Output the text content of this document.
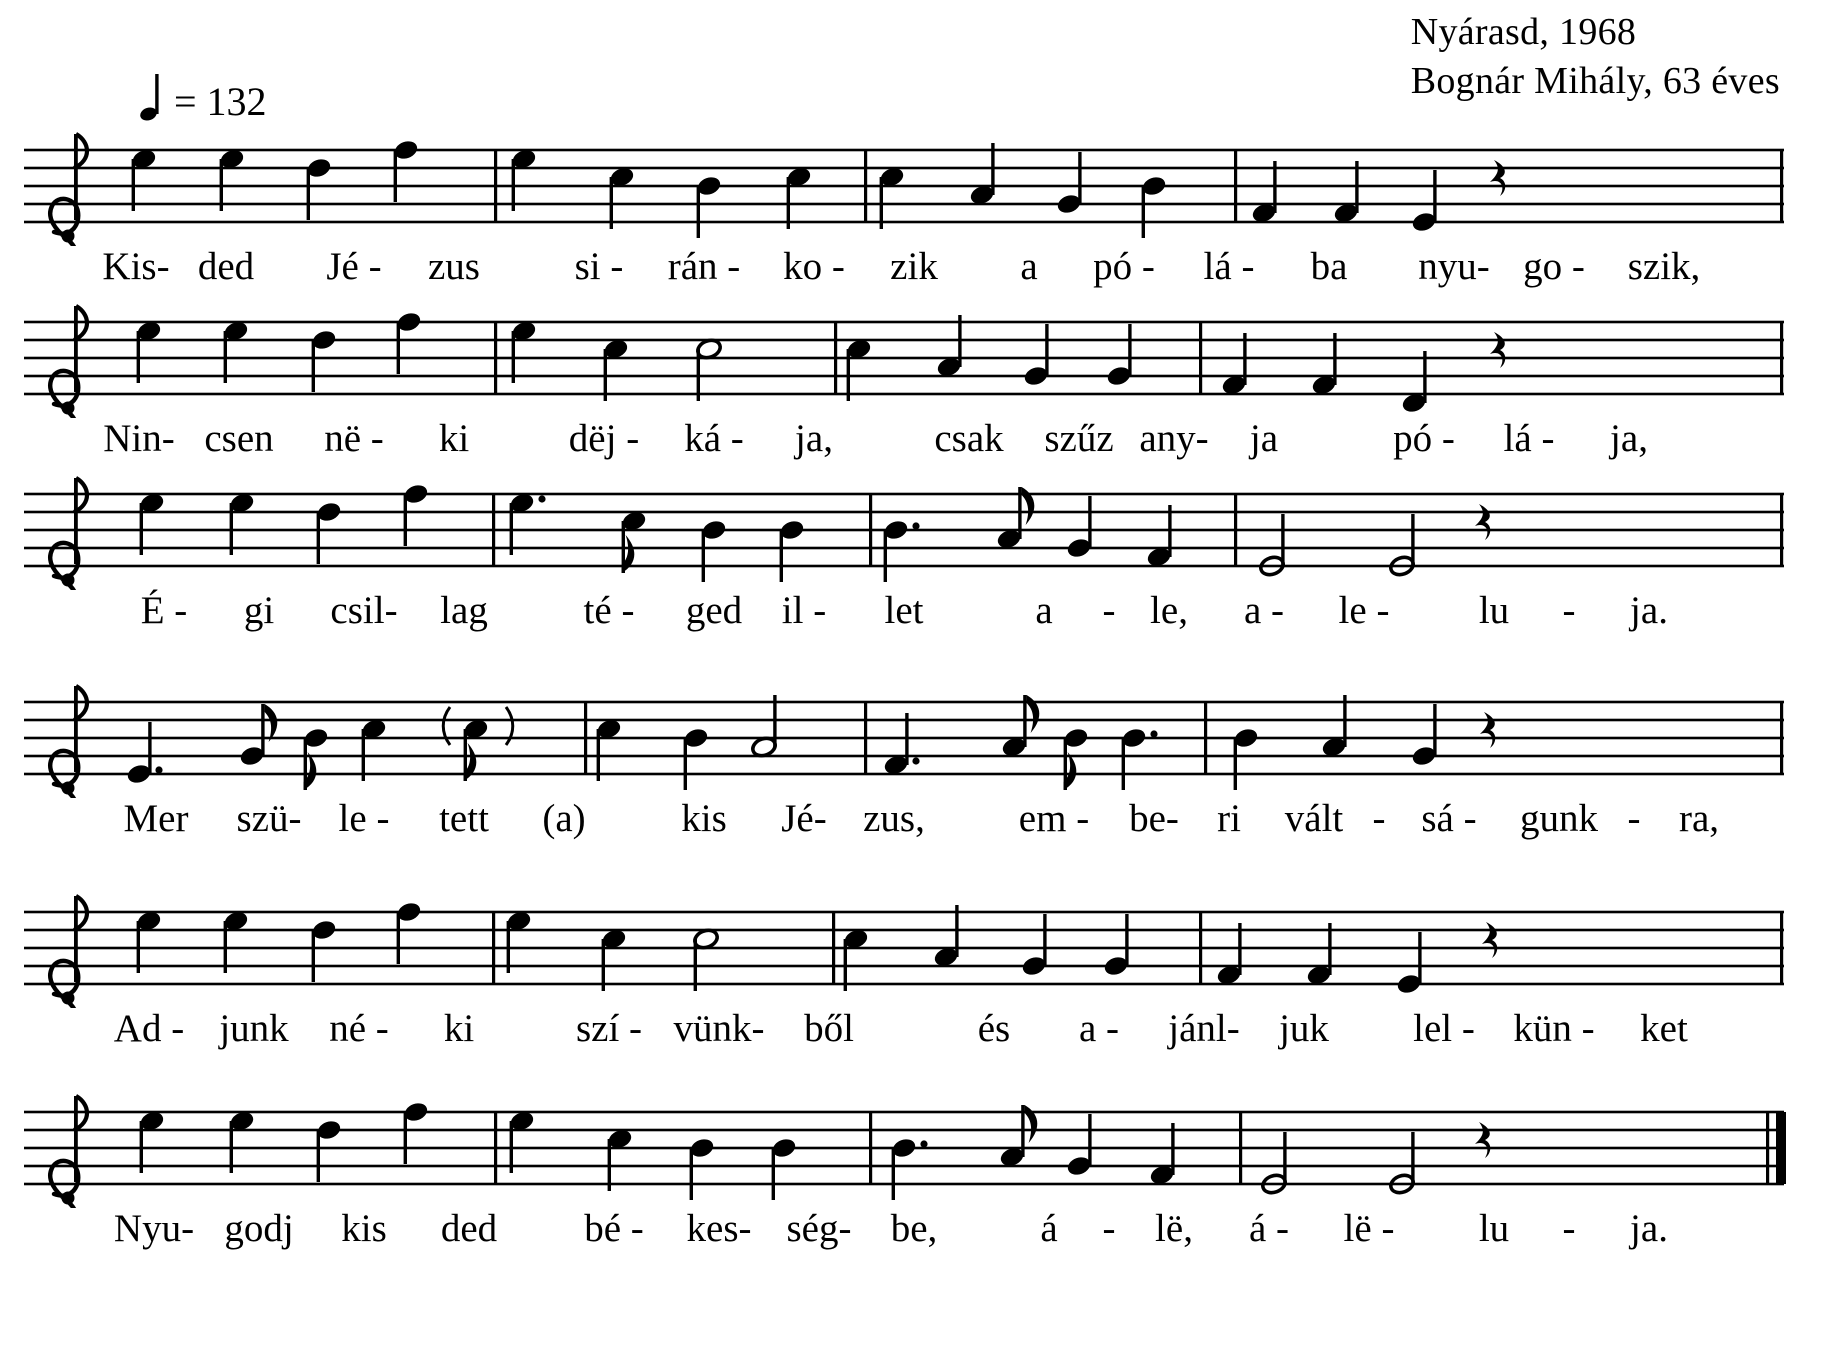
Nyárasd, 1968
Bognár Mihály, 63 éves
= 132
Kis- ded Jé - zus si - rán - ko - zik a pó - lá - ba nyu- go - szik,
Nin- csen në - ki	dëj - ká - ja,	csak szűz any- ja	pó - lá - ja,
É - gi csil- lag té - ged il - let	a - le, a - le - lu - ja.
Mer szü- le - tett (a) kis Jé- zus, em - be- ri vált - sá - gunk - ra,
Ad - junk né - ki	szí - vünk- ből	és a - jánl- juk lel - kün - ket
Nyu- godj kis ded bé - kes- ség- be,	á - lë, á - lë - lu - ja.
